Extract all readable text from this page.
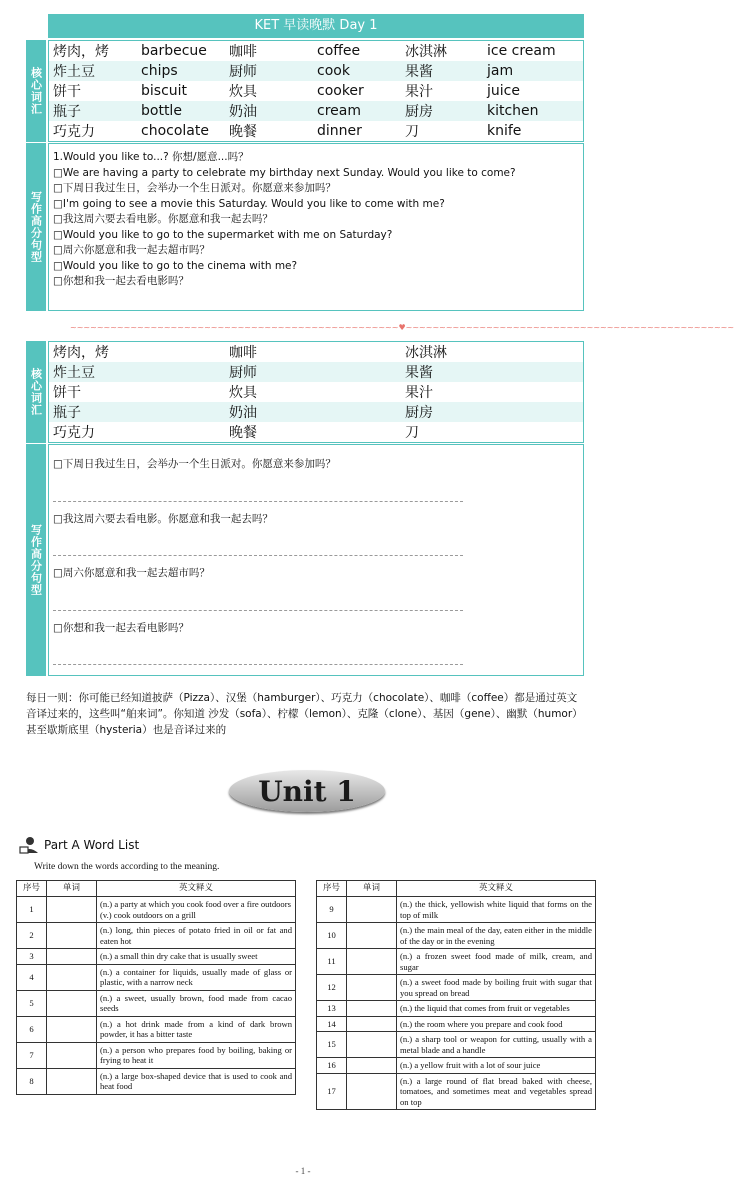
KET 早读晚默 Day 1
核心词汇
烤肉，烤 barbecue 咖啡	coffee	冰淇淋	ice cream
炸土豆	chips	厨师	cook	果酱	jam
饼干	biscuit	炊具	cooker	果汁	juice
瓶子	bottle	奶油	cream	厨房	kitchen
巧克力	chocolate 晚餐	dinner	刀	knife
写作高分句型
1.Would you like to...? 你想/愿意...吗？
□We are having a party to celebrate my birthday next Sunday. Would you like to come?
□下周日我过生日，会举办一个生日派对。你愿意来参加吗？
□I'm going to see a movie this Saturday. Would you like to come with me?
□我这周六要去看电影。你愿意和我一起去吗？
□Would you like to go to the supermarket with me on Saturday?
□周六你愿意和我一起去超市吗？
□Would you like to go to the cinema with me?
□你想和我一起去看电影吗？
~~~~~~~~~~~~~~~~~~~~~~~~~~~~~~~~~~~~~~~~~~~~~~~~~♥~~~~~~~~~~~~~~~~~~~~~~~~~~~~~~~~~~~~~~~~~~~~~~~~~
核心词汇
烤肉，烤	咖啡	冰淇淋
炸土豆	厨师	果酱
饼干	炊具	果汁
瓶子	奶油	厨房
巧克力	晚餐	刀
写作高分句型
□下周日我过生日，会举办一个生日派对。你愿意来参加吗？
□我这周六要去看电影。你愿意和我一起去吗？
□周六你愿意和我一起去超市吗？
□你想和我一起去看电影吗？
每日一则：你可能已经知道披萨（Pizza）、汉堡（hamburger）、巧克力（chocolate）、咖啡（coffee）都是通过英文音译过来的，这些叫“舶来词”。你知道 沙发（sofa）、柠檬（lemon）、克隆（clone）、基因（gene）、幽默（humor）甚至歇斯底里（hysteria）也是音译过来的
Unit 1
Part A Word List
Write down the words according to the meaning.
序号	单词	英文释义
1		(n.) a party at which you cook food over a fire outdoors
(v.) cook outdoors on a grill

2		(n.) long, thin pieces of potato fried in oil or fat and eaten hot

3		(n.) a small thin dry cake that is usually sweet

4		(n.) a container for liquids, usually made of glass or plastic, with a narrow neck

5		(n.) a sweet, usually brown, food made from cacao seeds

6		(n.) a hot drink made from a kind of dark brown powder, it has a bitter taste

7		(n.) a person who prepares food by boiling, baking or frying to heat it

8		(n.) a large box-shaped device that is used to cook and heat food
序号	单词	英文释义
9		(n.) the thick, yellowish white liquid that forms on the top of milk

10		(n.) the main meal of the day, eaten either in the middle of the day or in the evening

11		(n.) a frozen sweet food made of milk, cream, and sugar

12		(n.) a sweet food made by boiling fruit with sugar that you spread on bread

13		(n.) the liquid that comes from fruit or vegetables

14		(n.) the room where you prepare and cook food

15		(n.) a sharp tool or weapon for cutting, usually with a metal blade and a handle

16		(n.) a yellow fruit with a lot of sour juice

17		(n.) a large round of flat bread baked with cheese, tomatoes, and sometimes meat and vegetables spread on top
- 1 -
